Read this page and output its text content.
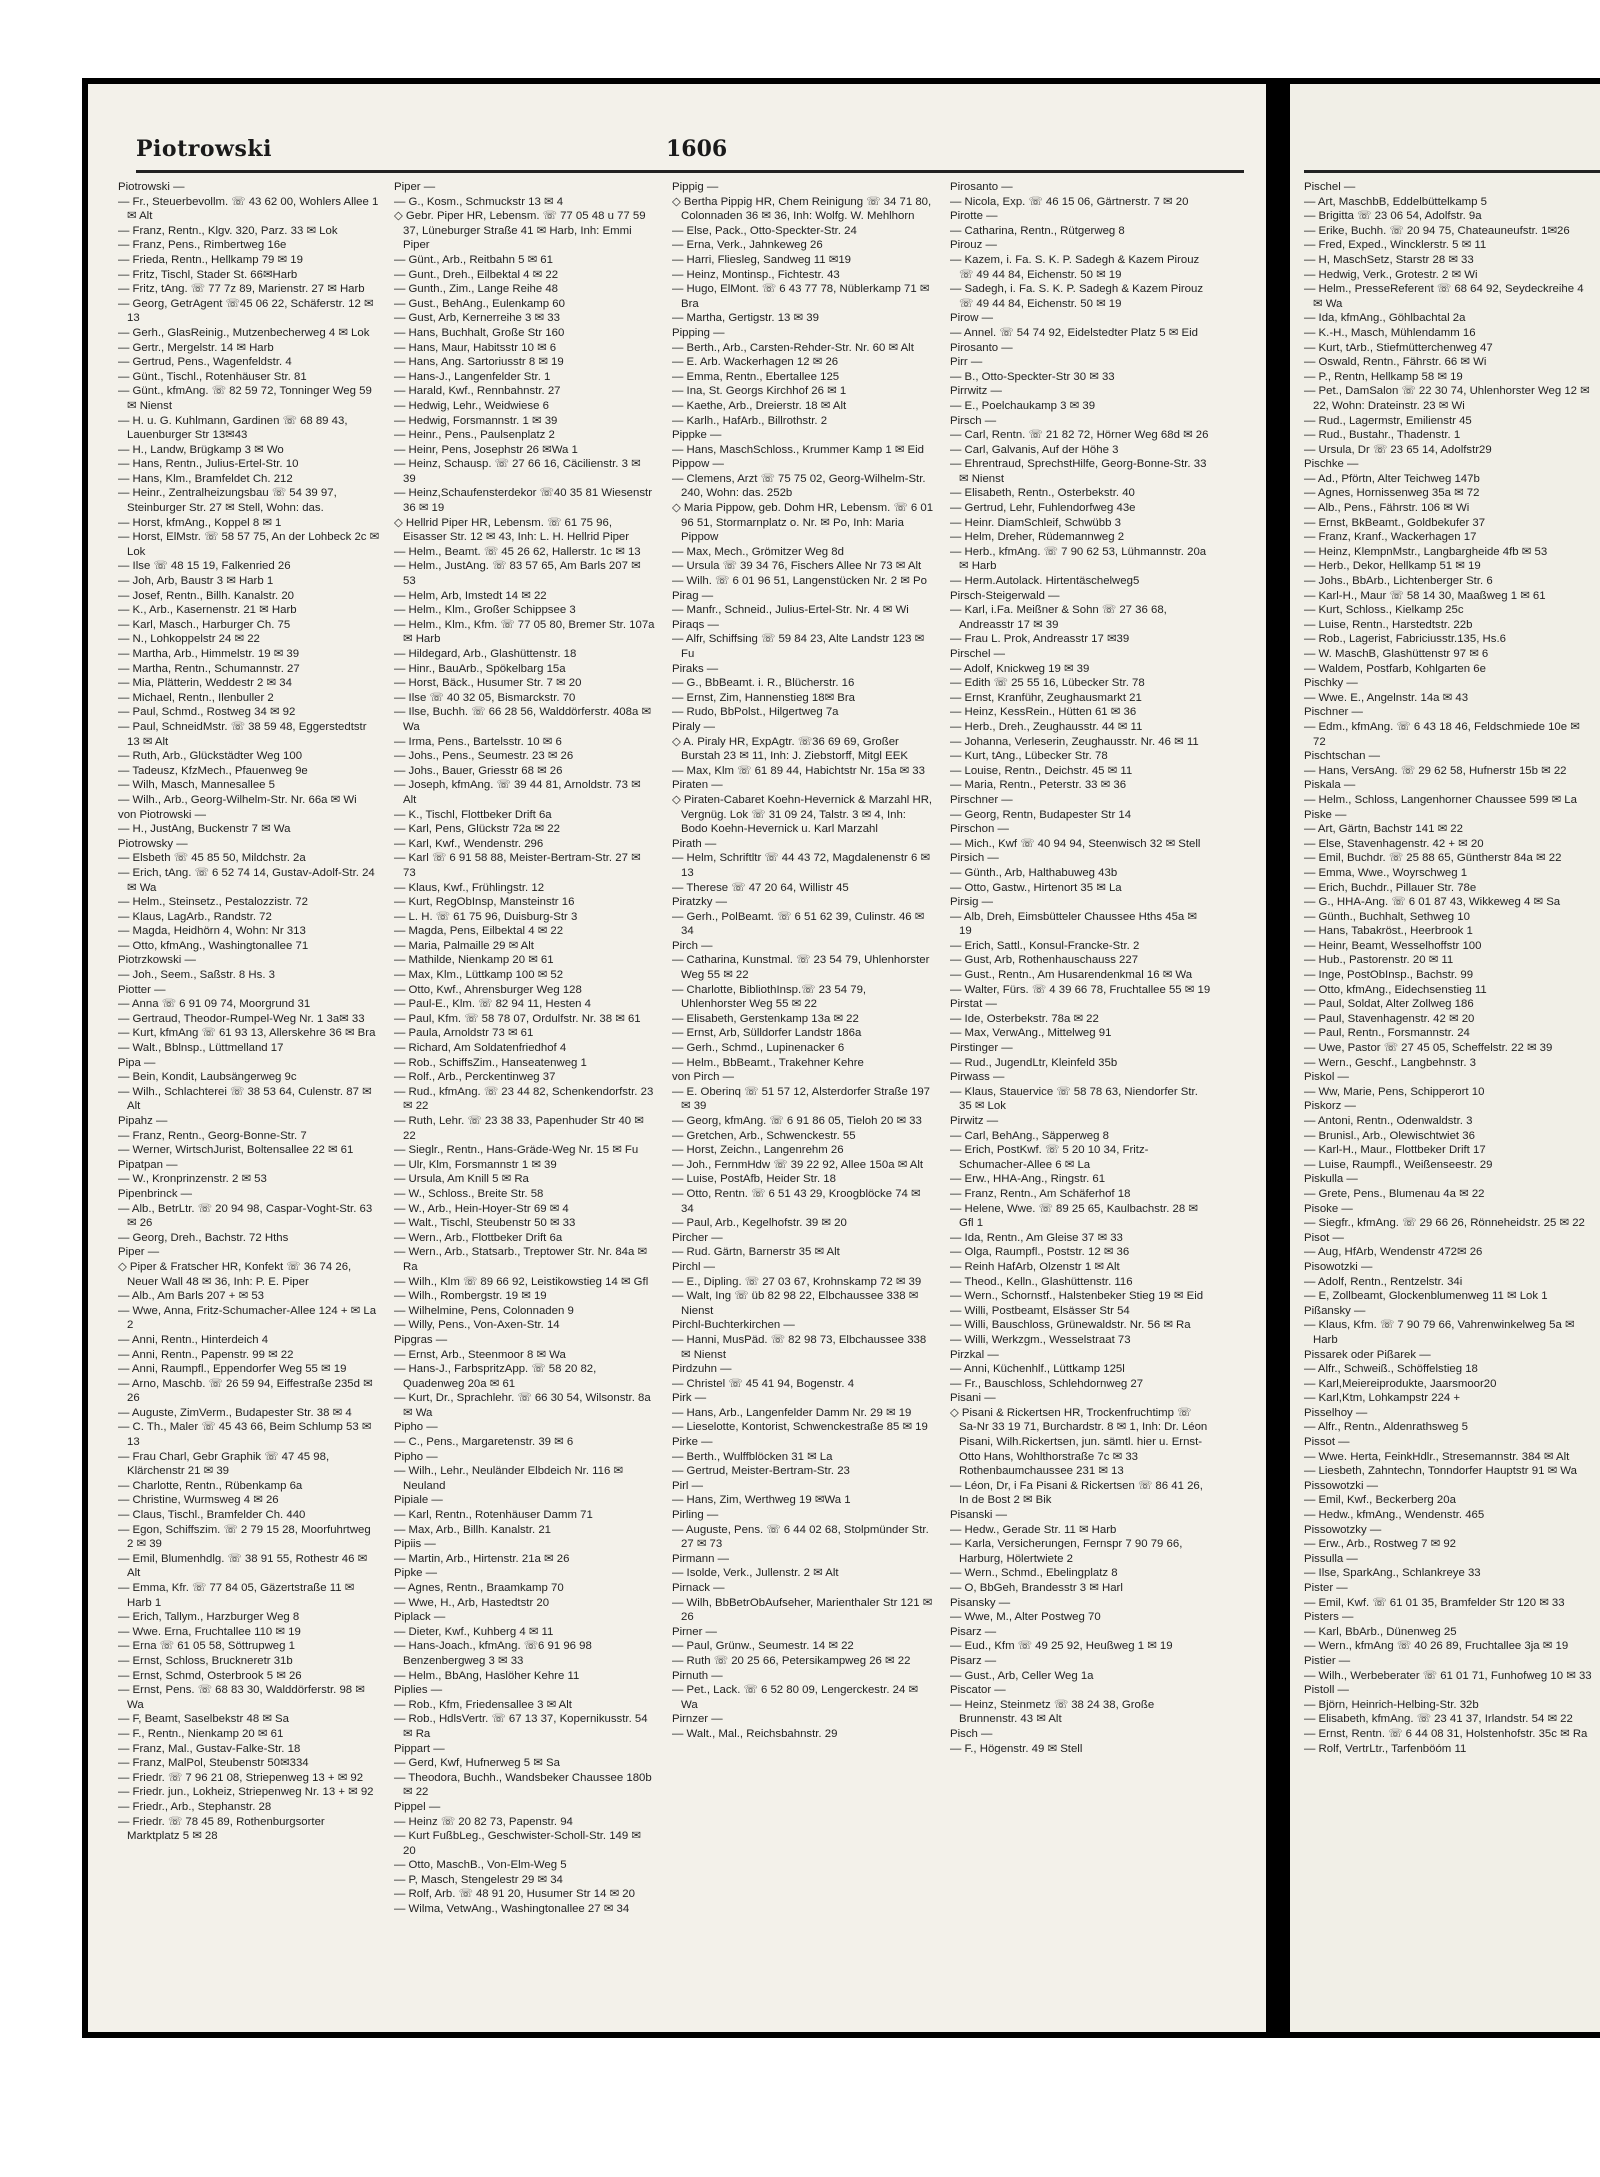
Piotrowski	1606
Piotrowski —
— Fr., Steuerbevollm. ☏ 43 62 00, Wohlers Allee 1 ✉ Alt
— Franz, Rentn., Klgv. 320, Parz. 33 ✉ Lok
— Franz, Pens., Rimbertweg 16e
— Frieda, Rentn., Hellkamp 79 ✉ 19
— Fritz, Tischl, Stader St. 66✉Harb
— Fritz, tAng. ☏ 77 7z 89, Marienstr. 27 ✉ Harb
— Georg, GetrAgent ☏45 06 22, Schäferstr. 12 ✉ 13
— Gerh., GlasReinig., Mutzenbecherweg 4 ✉ Lok
— Gertr., Mergelstr. 14 ✉ Harb
— Gertrud, Pens., Wagenfeldstr. 4
— Günt., Tischl., Rotenhäuser Str. 81
— Günt., kfmAng. ☏ 82 59 72, Tonninger Weg 59 ✉ Nienst
— H. u. G. Kuhlmann, Gardinen ☏ 68 89 43, Lauenburger Str 13✉43
— H., Landw, Brügkamp 3 ✉ Wo
— Hans, Rentn., Julius-Ertel-Str. 10
— Hans, Klm., Bramfeldet Ch. 212
— Heinr., Zentralheizungsbau ☏ 54 39 97, Steinburger Str. 27 ✉ Stell, Wohn: das.
— Horst, kfmAng., Koppel 8 ✉ 1
— Horst, ElMstr. ☏ 58 57 75, An der Lohbeck 2c ✉ Lok
— Ilse ☏ 48 15 19, Falkenried 26
— Joh, Arb, Baustr 3 ✉ Harb 1
— Josef, Rentn., Billh. Kanalstr. 20
— K., Arb., Kasernenstr. 21 ✉ Harb
— Karl, Masch., Harburger Ch. 75
— N., Lohkoppelstr 24 ✉ 22
— Martha, Arb., Himmelstr. 19 ✉ 39
— Martha, Rentn., Schumannstr. 27
— Mia, Plätterin, Weddestr 2 ✉ 34
— Michael, Rentn., Ilenbuller 2
— Paul, Schmd., Rostweg 34 ✉ 92
— Paul, SchneidMstr. ☏ 38 59 48, Eggerstedtstr 13 ✉ Alt
— Ruth, Arb., Glückstädter Weg 100
— Tadeusz, KfzMech., Pfauenweg 9e
— Wilh, Masch, Mannesallee 5
— Wilh., Arb., Georg-Wilhelm-Str. Nr. 66a ✉ Wi
von Piotrowski —
— H., JustAng, Buckenstr 7 ✉ Wa
Piotrowsky —
— Elsbeth ☏ 45 85 50, Mildchstr. 2a
— Erich, tAng. ☏ 6 52 74 14, Gustav-Adolf-Str. 24 ✉ Wa
— Helm., Steinsetz., Pestalozzistr. 72
— Klaus, LagArb., Randstr. 72
— Magda, Heidhörn 4, Wohn: Nr 313
— Otto, kfmAng., Washingtonallee 71
Piotrzkowski —
— Joh., Seem., Saßstr. 8 Hs. 3
Piotter —
— Anna ☏ 6 91 09 74, Moorgrund 31
— Gertraud, Theodor-Rumpel-Weg Nr. 1 3a✉ 33
— Kurt, kfmAng ☏ 61 93 13, Allerskehre 36 ✉ Bra
— Walt., Bblnsp., Lüttmelland 17
Pipa —
— Bein, Kondit, Laubsängerweg 9c
— Wilh., Schlachterei ☏ 38 53 64, Culenstr. 87 ✉ Alt
Pipahz —
— Franz, Rentn., Georg-Bonne-Str. 7
— Werner, WirtschJurist, Boltensallee 22 ✉ 61
Pipatpan —
— W., Kronprinzenstr. 2 ✉ 53
Pipenbrinck —
— Alb., BetrLtr. ☏ 20 94 98, Caspar-Voght-Str. 63 ✉ 26
— Georg, Dreh., Bachstr. 72 Hths
Piper —
◇ Piper & Fratscher HR, Konfekt ☏ 36 74 26, Neuer Wall 48 ✉ 36, Inh: P. E. Piper
— Alb., Am Barls 207 + ✉ 53
— Wwe, Anna, Fritz-Schumacher-Allee 124 + ✉ La 2
— Anni, Rentn., Hinterdeich 4
— Anni, Rentn., Papenstr. 99 ✉ 22
— Anni, Raumpfl., Eppendorfer Weg 55 ✉ 19
— Arno, Maschb. ☏ 26 59 94, Eiffestraße 235d ✉ 26
— Auguste, ZimVerm., Budapester Str. 38 ✉ 4
— C. Th., Maler ☏ 45 43 66, Beim Schlump 53 ✉ 13
— Frau Charl, Gebr Graphik ☏ 47 45 98, Klärchenstr 21 ✉ 39
— Charlotte, Rentn., Rübenkamp 6a
— Christine, Wurmsweg 4 ✉ 26
— Claus, Tischl., Bramfelder Ch. 440
— Egon, Schiffszim. ☏ 2 79 15 28, Moorfuhrtweg 2 ✉ 39
— Emil, Blumenhdlg. ☏ 38 91 55, Rothestr 46 ✉ Alt
— Emma, Kfr. ☏ 77 84 05, Gäzertstraße 11 ✉ Harb 1
— Erich, Tallym., Harzburger Weg 8
— Wwe. Erna, Fruchtallee 110 ✉ 19
— Erna ☏ 61 05 58, Söttrupweg 1
— Ernst, Schloss, Bruckneretr 31b
— Ernst, Schmd, Osterbrook 5 ✉ 26
— Ernst, Pens. ☏ 68 83 30, Walddörferstr. 98 ✉ Wa
— F, Beamt, Saselbekstr 48 ✉ Sa
— F., Rentn., Nienkamp 20 ✉ 61
— Franz, Mal., Gustav-Falke-Str. 18
— Franz, MalPol, Steubenstr 50✉334
— Friedr. ☏ 7 96 21 08, Striepenweg 13 + ✉ 92
— Friedr. jun., Lokheiz, Striepenweg Nr. 13 + ✉ 92
— Friedr., Arb., Stephanstr. 28
— Friedr. ☏ 78 45 89, Rothenburgsorter Marktplatz 5 ✉ 28
Piper —
— G., Kosm., Schmuckstr 13 ✉ 4
◇ Gebr. Piper HR, Lebensm. ☏ 77 05 48 u 77 59 37, Lüneburger Straße 41 ✉ Harb, Inh: Emmi Piper
— Günt., Arb., Reitbahn 5 ✉ 61
— Gunt., Dreh., Eilbektal 4 ✉ 22
— Gunth., Zim., Lange Reihe 48
— Gust., BehAng., Eulenkamp 60
— Gust, Arb, Kernerreihe 3 ✉ 33
— Hans, Buchhalt, Große Str 160
— Hans, Maur, Habitsstr 10 ✉ 6
— Hans, Ang. Sartoriusstr 8 ✉ 19
— Hans-J., Langenfelder Str. 1
— Harald, Kwf., Rennbahnstr. 27
— Hedwig, Lehr., Weidwiese 6
— Hedwig, Forsmannstr. 1 ✉ 39
— Heinr., Pens., Paulsenplatz 2
— Heinr, Pens, Josephstr 26 ✉Wa 1
— Heinz, Schausp. ☏ 27 66 16, Cäcilienstr. 3 ✉ 39
— Heinz,Schaufensterdekor ☏40 35 81 Wiesenstr 36 ✉ 19
◇ Hellrid Piper HR, Lebensm. ☏ 61 75 96, Eisasser Str. 12 ✉ 43, Inh: L. H. Hellrid Piper
— Helm., Beamt. ☏ 45 26 62, Hallerstr. 1c ✉ 13
— Helm., JustAng. ☏ 83 57 65, Am Barls 207 ✉ 53
— Helm, Arb, Imstedt 14 ✉ 22
— Helm., Klm., Großer Schippsee 3
— Helm., Klm., Kfm. ☏ 77 05 80, Bremer Str. 107a ✉ Harb
— Hildegard, Arb., Glashüttenstr. 18
— Hinr., BauArb., Spökelbarg 15a
— Horst, Bäck., Husumer Str. 7 ✉ 20
— Ilse ☏ 40 32 05, Bismarckstr. 70
— Ilse, Buchh. ☏ 66 28 56, Walddörferstr. 408a ✉ Wa
— Irma, Pens., Bartelsstr. 10 ✉ 6
— Johs., Pens., Seumestr. 23 ✉ 26
— Johs., Bauer, Griesstr 68 ✉ 26
— Joseph, kfmAng. ☏ 39 44 81, Arnoldstr. 73 ✉ Alt
— K., Tischl, Flottbeker Drift 6a
— Karl, Pens, Glückstr 72a ✉ 22
— Karl, Kwf., Wendenstr. 296
— Karl ☏ 6 91 58 88, Meister-Bertram-Str. 27 ✉ 73
— Klaus, Kwf., Frühlingstr. 12
— Kurt, RegObInsp, Mansteinstr 16
— L. H. ☏ 61 75 96, Duisburg-Str 3
— Magda, Pens, Eilbektal 4 ✉ 22
— Maria, Palmaille 29 ✉ Alt
— Mathilde, Nienkamp 20 ✉ 61
— Max, Klm., Lüttkamp 100 ✉ 52
— Otto, Kwf., Ahrensburger Weg 128
— Paul-E., Klm. ☏ 82 94 11, Hesten 4
— Paul, Kfm. ☏ 58 78 07, Ordulfstr. Nr. 38 ✉ 61
— Paula, Arnoldstr 73 ✉ 61
— Richard, Am Soldatenfriedhof 4
— Rob., SchiffsZim., Hanseatenweg 1
— Rolf., Arb., Perckentinweg 37
— Rud., kfmAng. ☏ 23 44 82, Schenkendorfstr. 23 ✉ 22
— Ruth, Lehr. ☏ 23 38 33, Papenhuder Str 40 ✉ 22
— Sieglr., Rentn., Hans-Gräde-Weg Nr. 15 ✉ Fu
— Ulr, Klm, Forsmannstr 1 ✉ 39
— Ursula, Am Knill 5 ✉ Ra
— W., Schloss., Breite Str. 58
— W., Arb., Hein-Hoyer-Str 69 ✉ 4
— Walt., Tischl, Steubenstr 50 ✉ 33
— Wern., Arb., Flottbeker Drift 6a
— Wern., Arb., Statsarb., Treptower Str. Nr. 84a ✉ Ra
— Wilh., Klm ☏ 89 66 92, Leistikowstieg 14 ✉ Gfl
— Wilh., Rombergstr. 19 ✉ 19
— Wilhelmine, Pens, Colonnaden 9
— Willy, Pens., Von-Axen-Str. 14
Pipgras —
— Ernst, Arb., Steenmoor 8 ✉ Wa
— Hans-J., FarbspritzApp. ☏ 58 20 82, Quadenweg 20a ✉ 61
— Kurt, Dr., Sprachlehr. ☏ 66 30 54, Wilsonstr. 8a ✉ Wa
Pipho —
— C., Pens., Margaretenstr. 39 ✉ 6
Pipho —
— Wilh., Lehr., Neuländer Elbdeich Nr. 116 ✉ Neuland
Pipiale —
— Karl, Rentn., Rotenhäuser Damm 71
— Max, Arb., Billh. Kanalstr. 21
Pipiis —
— Martin, Arb., Hirtenstr. 21a ✉ 26
Pipke —
— Agnes, Rentn., Braamkamp 70
— Wwe, H., Arb, Hastedtstr 20
Piplack —
— Dieter, Kwf., Kuhberg 4 ✉ 11
— Hans-Joach., kfmAng. ☏6 91 96 98 Benzenbergweg 3 ✉ 33
— Helm., BbAng, Haslöher Kehre 11
Piplies —
— Rob., Kfm, Friedensallee 3 ✉ Alt
— Rob., HdlsVertr. ☏ 67 13 37, Kopernikusstr. 54 ✉ Ra
Pippart —
— Gerd, Kwf, Hufnerweg 5 ✉ Sa
— Theodora, Buchh., Wandsbeker Chaussee 180b ✉ 22
Pippel —
— Heinz ☏ 20 82 73, Papenstr. 94
— Kurt FußbLeg., Geschwister-Scholl-Str. 149 ✉ 20
— Otto, MaschB., Von-Elm-Weg 5
— P, Masch, Stengelestr 29 ✉ 34
— Rolf, Arb. ☏ 48 91 20, Husumer Str 14 ✉ 20
— Wilma, VetwAng., Washingtonallee 27 ✉ 34
Pippig —
◇ Bertha Pippig HR, Chem Reinigung ☏ 34 71 80, Colonnaden 36 ✉ 36, Inh: Wolfg. W. Mehlhorn
— Else, Pack., Otto-Speckter-Str. 24
— Erna, Verk., Jahnkeweg 26
— Harri, Fliesleg, Sandweg 11 ✉19
— Heinz, Montinsp., Fichtestr. 43
— Hugo, ElMont. ☏ 6 43 77 78, Nüblerkamp 71 ✉ Bra
— Martha, Gertigstr. 13 ✉ 39
Pipping —
— Berth., Arb., Carsten-Rehder-Str. Nr. 60 ✉ Alt
— E. Arb. Wackerhagen 12 ✉ 26
— Emma, Rentn., Ebertallee 125
— Ina, St. Georgs Kirchhof 26 ✉ 1
— Kaethe, Arb., Dreierstr. 18 ✉ Alt
— Karlh., HafArb., Billrothstr. 2
Pippke —
— Hans, MaschSchloss., Krummer Kamp 1 ✉ Eid
Pippow —
— Clemens, Arzt ☏ 75 75 02, Georg-Wilhelm-Str. 240, Wohn: das. 252b
◇ Maria Pippow, geb. Dohm HR, Lebensm. ☏ 6 01 96 51, Stormarnplatz o. Nr. ✉ Po, Inh: Maria Pippow
— Max, Mech., Grömitzer Weg 8d
— Ursula ☏ 39 34 76, Fischers Allee Nr 73 ✉ Alt
— Wilh. ☏ 6 01 96 51, Langenstücken Nr. 2 ✉ Po
Pirag —
— Manfr., Schneid., Julius-Ertel-Str. Nr. 4 ✉ Wi
Piraqs —
— Alfr, Schiffsing ☏ 59 84 23, Alte Landstr 123 ✉ Fu
Piraks —
— G., BbBeamt. i. R., Blücherstr. 16
— Ernst, Zim, Hannenstieg 18✉ Bra
— Rudo, BbPolst., Hilgertweg 7a
Piraly —
◇ A. Piraly HR, ExpAgtr. ☏36 69 69, Großer Burstah 23 ✉ 11, Inh: J. Ziebstorff, Mitgl EEK
— Max, Klm ☏ 61 89 44, Habichtstr Nr. 15a ✉ 33
Piraten —
◇ Piraten-Cabaret Koehn-Hevernick & Marzahl HR, Vergnüg. Lok ☏ 31 09 24, Talstr. 3 ✉ 4, Inh: Bodo Koehn-Hevernick u. Karl Marzahl
Pirath —
— Helm, Schriftltr ☏ 44 43 72, Magdalenenstr 6 ✉ 13
— Therese ☏ 47 20 64, Willistr 45
Piratzky —
— Gerh., PolBeamt. ☏ 6 51 62 39, Culinstr. 46 ✉ 34
Pirch —
— Catharina, Kunstmal. ☏ 23 54 79, Uhlenhorster Weg 55 ✉ 22
— Charlotte, BibliothInsp.☏ 23 54 79, Uhlenhorster Weg 55 ✉ 22
— Elisabeth, Gerstenkamp 13a ✉ 22
— Ernst, Arb, Sülldorfer Landstr 186a
— Gerh., Schmd., Lupinenacker 6
— Helm., BbBeamt., Trakehner Kehre
von Pirch —
— E. Oberinq ☏ 51 57 12, Alsterdorfer Straße 197 ✉ 39
— Georg, kfmAng. ☏ 6 91 86 05, Tieloh 20 ✉ 33
— Gretchen, Arb., Schwenckestr. 55
— Horst, Zeichn., Langenrehm 26
— Joh., FernmHdw ☏ 39 22 92, Allee 150a ✉ Alt
— Luise, PostAfb, Heider Str. 18
— Otto, Rentn. ☏ 6 51 43 29, Kroogblöcke 74 ✉ 34
— Paul, Arb., Kegelhofstr. 39 ✉ 20
Pircher —
— Rud. Gärtn, Barnerstr 35 ✉ Alt
Pirchl —
— E., Dipling. ☏ 27 03 67, Krohnskamp 72 ✉ 39
— Walt, Ing ☏ üb 82 98 22, Elbchaussee 338 ✉ Nienst
Pirchl-Buchterkirchen —
— Hanni, MusPäd. ☏ 82 98 73, Elbchaussee 338 ✉ Nienst
Pirdzuhn —
— Christel ☏ 45 41 94, Bogenstr. 4
Pirk —
— Hans, Arb., Langenfelder Damm Nr. 29 ✉ 19
— Lieselotte, Kontorist, Schwenckestraße 85 ✉ 19
Pirke —
— Berth., Wulffblöcken 31 ✉ La
— Gertrud, Meister-Bertram-Str. 23
Pirl —
— Hans, Zim, Werthweg 19 ✉Wa 1
Pirling —
— Auguste, Pens. ☏ 6 44 02 68, Stolpmünder Str. 27 ✉ 73
Pirmann —
— Isolde, Verk., Jullenstr. 2 ✉ Alt
Pirnack —
— Wilh, BbBetrObAufseher, Marienthaler Str 121 ✉ 26
Pirner —
— Paul, Grünw., Seumestr. 14 ✉ 22
— Ruth ☏ 20 25 66, Petersikampweg 26 ✉ 22
Pirnuth —
— Pet., Lack. ☏ 6 52 80 09, Lengerckestr. 24 ✉ Wa
Pirnzer —
— Walt., Mal., Reichsbahnstr. 29
Pirosanto —
— Nicola, Exp. ☏ 46 15 06, Gärtnerstr. 7 ✉ 20
Pirotte —
— Catharina, Rentn., Rütgerweg 8
Pirouz —
— Kazem, i. Fa. S. K. P. Sadegh & Kazem Pirouz ☏ 49 44 84, Eichenstr. 50 ✉ 19
— Sadegh, i. Fa. S. K. P. Sadegh & Kazem Pirouz ☏ 49 44 84, Eichenstr. 50 ✉ 19
Pirow —
— Annel. ☏ 54 74 92, Eidelstedter Platz 5 ✉ Eid
Pirosanto —
Pirr —
— B., Otto-Speckter-Str 30 ✉ 33
Pirrwitz —
— E., Poelchaukamp 3 ✉ 39
Pirsch —
— Carl, Rentn. ☏ 21 82 72, Hörner Weg 68d ✉ 26
— Carl, Galvanis, Auf der Höhe 3
— Ehrentraud, SprechstHilfe, Georg-Bonne-Str. 33 ✉ Nienst
— Elisabeth, Rentn., Osterbekstr. 40
— Gertrud, Lehr, Fuhlendorfweg 43e
— Heinr. DiamSchleif, Schwübb 3
— Helm, Dreher, Rüdemannweg 2
— Herb., kfmAng. ☏ 7 90 62 53, Lühmannstr. 20a ✉ Harb
— Herm.Autolack. Hirtentäschelweg5
Pirsch-Steigerwald —
— Karl, i.Fa. Meißner & Sohn ☏ 27 36 68, Andreasstr 17 ✉ 39
— Frau L. Prok, Andreasstr 17 ✉39
Pirschel —
— Adolf, Knickweg 19 ✉ 39
— Edith ☏ 25 55 16, Lübecker Str. 78
— Ernst, Kranführ, Zeughausmarkt 21
— Heinz, KessRein., Hütten 61 ✉ 36
— Herb., Dreh., Zeughausstr. 44 ✉ 11
— Johanna, Verleserin, Zeughausstr. Nr. 46 ✉ 11
— Kurt, tAng., Lübecker Str. 78
— Louise, Rentn., Deichstr. 45 ✉ 11
— Maria, Rentn., Peterstr. 33 ✉ 36
Pirschner —
— Georg, Rentn, Budapester Str 14
Pirschon —
— Mich., Kwf ☏ 40 94 94, Steenwisch 32 ✉ Stell
Pirsich —
— Günth., Arb, Halthabuweg 43b
— Otto, Gastw., Hirtenort 35 ✉ La
Pirsig —
— Alb, Dreh, Eimsbütteler Chaussee Hths 45a ✉ 19
— Erich, Sattl., Konsul-Francke-Str. 2
— Gust, Arb, Rothenhauschauss 227
— Gust., Rentn., Am Husarendenkmal 16 ✉ Wa
— Walter, Fürs. ☏ 4 39 66 78, Fruchtallee 55 ✉ 19
Pirstat —
— Ide, Osterbekstr. 78a ✉ 22
— Max, VerwAng., Mittelweg 91
Pirstinger —
— Rud., JugendLtr, Kleinfeld 35b
Pirwass —
— Klaus, Stauervice ☏ 58 78 63, Niendorfer Str. 35 ✉ Lok
Pirwitz —
— Carl, BehAng., Säpperweg 8
— Erich, PostKwf. ☏ 5 20 10 34, Fritz-Schumacher-Allee 6 ✉ La
— Erw., HHA-Ang., Ringstr. 61
— Franz, Rentn., Am Schäferhof 18
— Helene, Wwe. ☏ 89 25 65, Kaulbachstr. 28 ✉ Gfl 1
— Ida, Rentn., Am Gleise 37 ✉ 33
— Olga, Raumpfl., Poststr. 12 ✉ 36
— Reinh HafArb, Olzenstr 1 ✉ Alt
— Theod., Kelln., Glashüttenstr. 116
— Wern., Schornstf., Halstenbeker Stieg 19 ✉ Eid
— Willi, Postbeamt, Elsässer Str 54
— Willi, Bauschloss, Grünewaldstr. Nr. 56 ✉ Ra
— Willi, Werkzgm., Wesselstraat 73
Pirzkal —
— Anni, Küchenhlf., Lüttkamp 125l
— Fr., Bauschloss, Schlehdornweg 27
Pisani —
◇ Pisani & Rickertsen HR, Trockenfruchtimp ☏ Sa-Nr 33 19 71, Burchardstr. 8 ✉ 1, Inh: Dr. Léon Pisani, Wilh.Rickertsen, jun. sämtl. hier u. Ernst-Otto Hans, Wohlthorstraße 7c ✉ 33 Rothenbaumchaussee 231 ✉ 13
— Léon, Dr, i Fa Pisani & Rickertsen ☏ 86 41 26, In de Bost 2 ✉ Bik
Pisanski —
— Hedw., Gerade Str. 11 ✉ Harb
— Karla, Versicherungen, Fernspr 7 90 79 66, Harburg, Hölertwiete 2
— Wern., Schmd., Ebelingplatz 8
— O, BbGeh, Brandesstr 3 ✉ Harl
Pisansky —
— Wwe, M., Alter Postweg 70
Pisarz —
— Eud., Kfm ☏ 49 25 92, Heußweg 1 ✉ 19
Pisarz —
— Gust., Arb, Celler Weg 1a
Piscator —
— Heinz, Steinmetz ☏ 38 24 38, Große Brunnenstr. 43 ✉ Alt
Pisch —
— F., Högenstr. 49 ✉ Stell
Pischel —
— Art, MaschbB, Eddelbüttelkamp 5
— Brigitta ☏ 23 06 54, Adolfstr. 9a
— Erike, Buchh. ☏ 20 94 75, Chateauneufstr. 1✉26
— Fred, Exped., Wincklerstr. 5 ✉ 11
— H, MaschSetz, Starstr 28 ✉ 33
— Hedwig, Verk., Grotestr. 2 ✉ Wi
— Helm., PresseReferent ☏ 68 64 92, Seydeckreihe 4 ✉ Wa
— Ida, kfmAng., Göhlbachtal 2a
— K.-H., Masch, Mühlendamm 16
— Kurt, tArb., Stiefmütterchenweg 47
— Oswald, Rentn., Fährstr. 66 ✉ Wi
— P., Rentn, Hellkamp 58 ✉ 19
— Pet., DamSalon ☏ 22 30 74, Uhlenhorster Weg 12 ✉ 22, Wohn: Drateinstr. 23 ✉ Wi
— Rud., Lagermstr, Emilienstr 45
— Rud., Bustahr., Thadenstr. 1
— Ursula, Dr ☏ 23 65 14, Adolfstr29
Pischke —
— Ad., Pförtn, Alter Teichweg 147b
— Agnes, Hornissenweg 35a ✉ 72
— Alb., Pens., Fährstr. 106 ✉ Wi
— Ernst, BkBeamt., Goldbekufer 37
— Franz, Kranf., Wackerhagen 17
— Heinz, KlempnMstr., Langbargheide 4fb ✉ 53
— Herb., Dekor, Hellkamp 51 ✉ 19
— Johs., BbArb., Lichtenberger Str. 6
— Karl-H., Maur ☏ 58 14 30, Maaßweg 1 ✉ 61
— Kurt, Schloss., Kielkamp 25c
— Luise, Rentn., Harstedtstr. 22b
— Rob., Lagerist, Fabriciusstr.135, Hs.6
— W. MaschB, Glashüttenstr 97 ✉ 6
— Waldem, Postfarb, Kohlgarten 6e
Pischky —
— Wwe. E., Angelnstr. 14a ✉ 43
Pischner —
— Edm., kfmAng. ☏ 6 43 18 46, Feldschmiede 10e ✉ 72
Pischtschan —
— Hans, VersAng. ☏ 29 62 58, Hufnerstr 15b ✉ 22
Piskala —
— Helm., Schloss, Langenhorner Chaussee 599 ✉ La
Piske —
— Art, Gärtn, Bachstr 141 ✉ 22
— Else, Stavenhagenstr. 42 + ✉ 20
— Emil, Buchdr. ☏ 25 88 65, Güntherstr 84a ✉ 22
— Emma, Wwe., Woyrschweg 1
— Erich, Buchdr., Pillauer Str. 78e
— G., HHA-Ang. ☏ 6 01 87 43, Wikkeweg 4 ✉ Sa
— Günth., Buchhalt, Sethweg 10
— Hans, Tabakröst., Heerbrook 1
— Heinr, Beamt, Wesselhoffstr 100
— Hub., Pastorenstr. 20 ✉ 11
— Inge, PostObInsp., Bachstr. 99
— Otto, kfmAng., Eidechsenstieg 11
— Paul, Soldat, Alter Zollweg 186
— Paul, Stavenhagenstr. 42 ✉ 20
— Paul, Rentn., Forsmannstr. 24
— Uwe, Pastor ☏ 27 45 05, Scheffelstr. 22 ✉ 39
— Wern., Geschf., Langbehnstr. 3
Piskol —
— Ww, Marie, Pens, Schipperort 10
Piskorz —
— Antoni, Rentn., Odenwaldstr. 3
— Brunisl., Arb., Olewischtwiet 36
— Karl-H., Maur., Flottbeker Drift 17
— Luise, Raumpfl., Weißenseestr. 29
Piskulla —
— Grete, Pens., Blumenau 4a ✉ 22
Pisoke —
— Siegfr., kfmAng. ☏ 29 66 26, Rönneheidstr. 25 ✉ 22
Pisot —
— Aug, HfArb, Wendenstr 472✉ 26
Pisowotzki —
— Adolf, Rentn., Rentzelstr. 34i
— E, Zollbeamt, Glockenblumenweg 11 ✉ Lok 1
Pißansky —
— Klaus, Kfm. ☏ 7 90 79 66, Vahrenwinkelweg 5a ✉ Harb
Pissarek oder Pißarek —
— Alfr., Schweiß., Schöffelstieg 18
— Karl,Meiereiprodukte, Jaarsmoor20
— Karl,Ktm, Lohkampstr 224 +
Pisselhoy —
— Alfr., Rentn., Aldenrathsweg 5
Pissot —
— Wwe. Herta, FeinkHdlr., Stresemannstr. 384 ✉ Alt
— Liesbeth, Zahntechn, Tonndorfer Hauptstr 91 ✉ Wa
Pissowotzki —
— Emil, Kwf., Beckerberg 20a
— Hedw., kfmAng., Wendenstr. 465
Pissowotzky —
— Erw., Arb., Rostweg 7 ✉ 92
Pissulla —
— Ilse, SparkAng., Schlankreye 33
Pister —
— Emil, Kwf. ☏ 61 01 35, Bramfelder Str 120 ✉ 33
Pisters —
— Karl, BbArb., Dünenweg 25
— Wern., kfmAng ☏ 40 26 89, Fruchtallee 3ja ✉ 19
Pistier —
— Wilh., Werbeberater ☏ 61 01 71, Funhofweg 10 ✉ 33
Pistoll —
— Björn, Heinrich-Helbing-Str. 32b
— Elisabeth, kfmAng. ☏ 23 41 37, Irlandstr. 54 ✉ 22
— Ernst, Rentn. ☏ 6 44 08 31, Holstenhofstr. 35c ✉ Ra
— Rolf, VertrLtr., Tarfenböóm 11
